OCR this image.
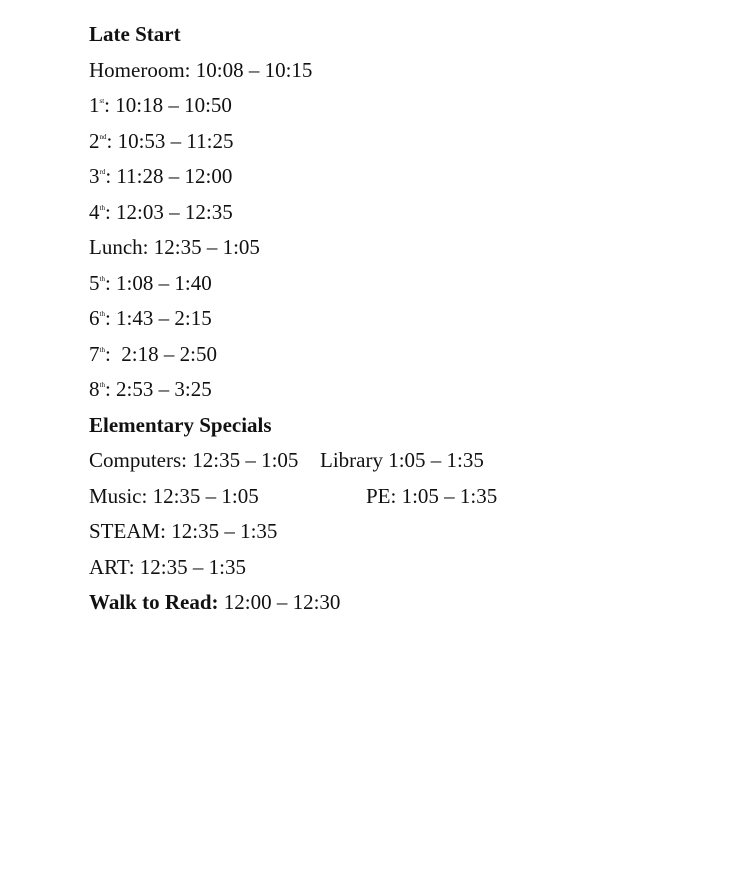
Late Start
Homeroom: 10:08 – 10:15
1st: 10:18 – 10:50
2nd: 10:53 – 11:25
3rd: 11:28 – 12:00
4th: 12:03 – 12:35
Lunch: 12:35 – 1:05
5th: 1:08 – 1:40
6th: 1:43 – 2:15
7th:  2:18 – 2:50
8th: 2:53 – 3:25
Elementary Specials
Computers: 12:35 – 1:05 Library 1:05 – 1:35
Music: 12:35 – 1:05	PE: 1:05 – 1:35
STEAM: 12:35 – 1:35
ART: 12:35 – 1:35
Walk to Read: 12:00 – 12:30
